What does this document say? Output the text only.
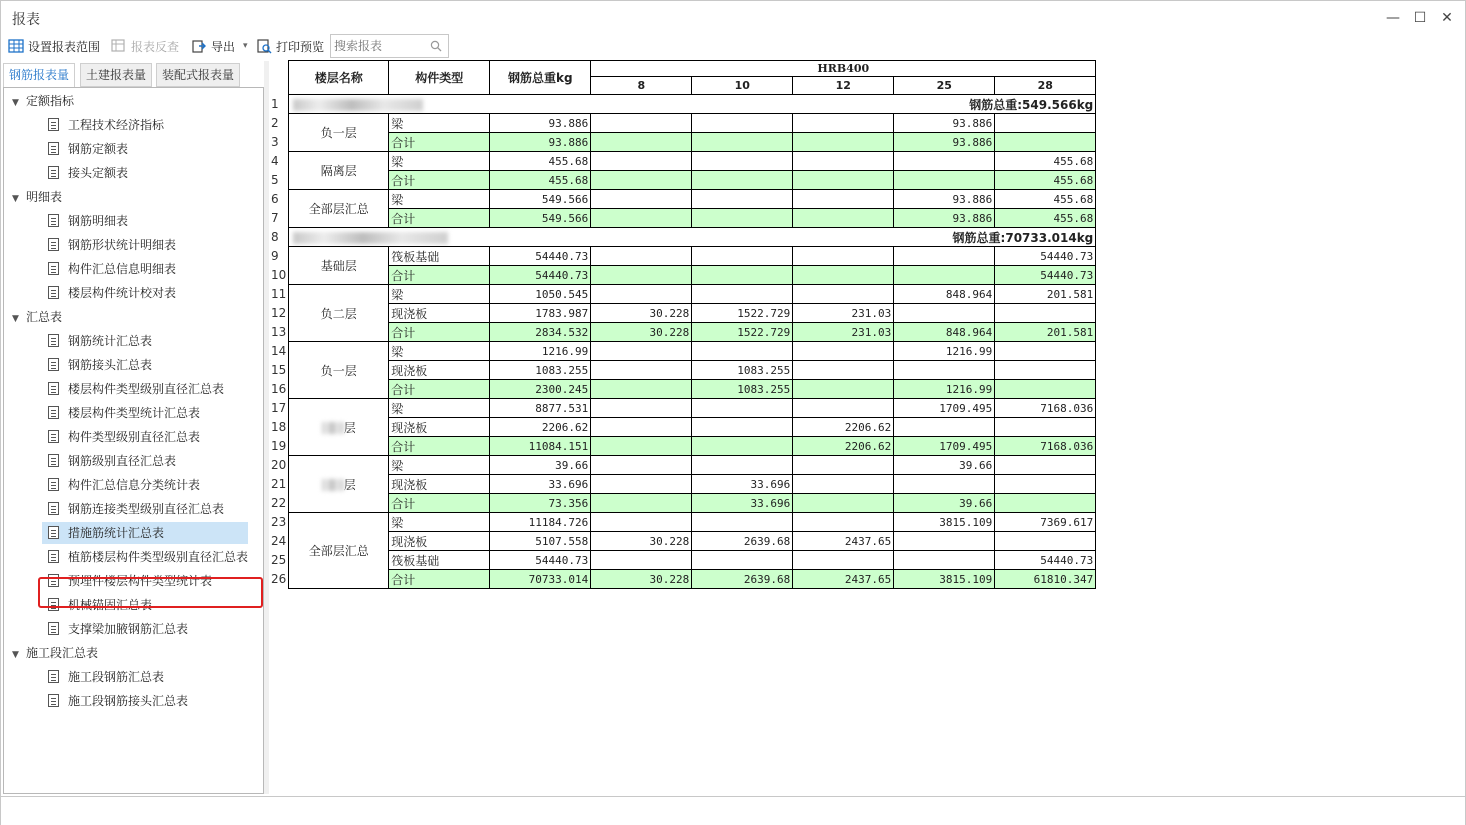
报表	— ☐	✕
设置报表范围	报表反查	导出 ▾ 打印预览
搜索报表
钢筋报表量	土建报表量	装配式报表量
▼ 定额指标
工程技术经济指标
钢筋定额表
接头定额表
▼ 明细表
钢筋明细表
钢筋形状统计明细表
构件汇总信息明细表
楼层构件统计校对表
▼ 汇总表
钢筋统计汇总表
钢筋接头汇总表
楼层构件类型级别直径汇总表
楼层构件类型统计汇总表
构件类型级别直径汇总表
钢筋级别直径汇总表
构件汇总信息分类统计表
钢筋连接类型级别直径汇总表
措施筋统计汇总表
植筋楼层构件类型级别直径汇总表
预埋件楼层构件类型统计表
机械锚固汇总表
支撑梁加腋钢筋汇总表
▼ 施工段汇总表
施工段钢筋汇总表
施工段钢筋接头汇总表
	楼层名称	构件类型	钢筋总重kg	HRB400				
				8	10	12	25	28
1	钢筋总重:549.566kg							
2	负一层	梁	93.886				93.886	
3		合计	93.886				93.886	
4	隔离层	梁	455.68					455.68
5		合计	455.68					455.68
6	全部层汇总	梁	549.566				93.886	455.68
7		合计	549.566				93.886	455.68
8	钢筋总重:70733.014kg							
9	基础层	筏板基础	54440.73					54440.73
10		合计	54440.73					54440.73
11	负二层	梁	1050.545				848.964	201.581
12		现浇板	1783.987	30.228	1522.729	231.03		
13		合计	2834.532	30.228	1522.729	231.03	848.964	201.581
14	负一层	梁	1216.99				1216.99	
15		现浇板	1083.255		1083.255			
16		合计	2300.245		1083.255		1216.99	
17	层	梁	8877.531				1709.495	7168.036
18		现浇板	2206.62			2206.62		
19		合计	11084.151			2206.62	1709.495	7168.036
20	层	梁	39.66				39.66	
21		现浇板	33.696		33.696			
22		合计	73.356		33.696		39.66	
23	全部层汇总	梁	11184.726				3815.109	7369.617
24		现浇板	5107.558	30.228	2639.68	2437.65		
25		筏板基础	54440.73					54440.73
26		合计	70733.014	30.228	2639.68	2437.65	3815.109	61810.347
